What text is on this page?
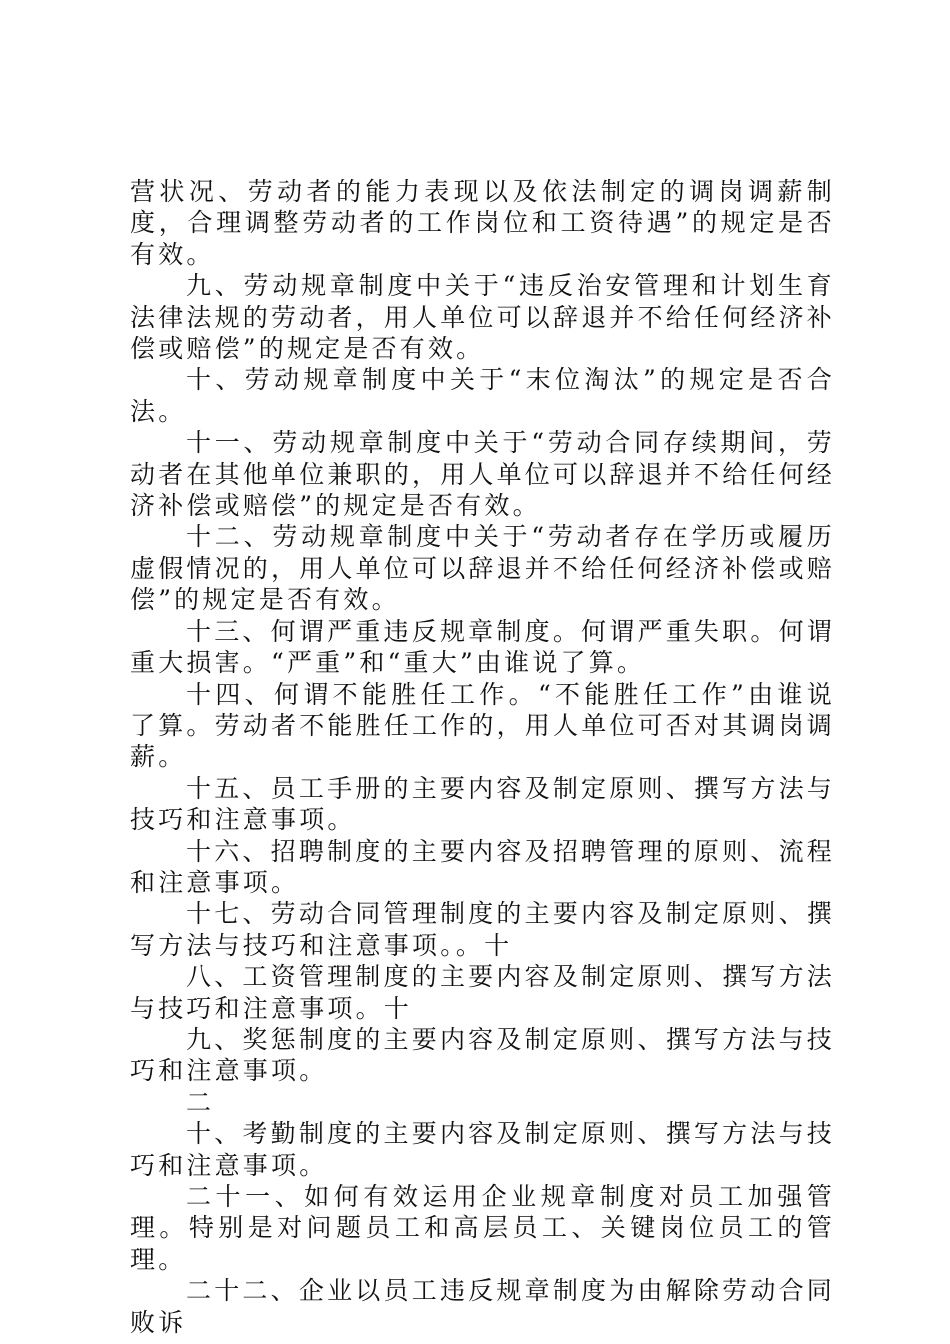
营状况、劳动者的能力表现以及依法制定的调岗调薪制度，合理调整劳动者的工作岗位和工资待遇”的规定是否有效。

九、劳动规章制度中关于“违反治安管理和计划生育法律法规的劳动者，用人单位可以辞退并不给任何经济补偿或赔偿”的规定是否有效。

十、劳动规章制度中关于“末位淘汰”的规定是否合法。

十一、劳动规章制度中关于“劳动合同存续期间，劳动者在其他单位兼职的，用人单位可以辞退并不给任何经济补偿或赔偿”的规定是否有效。

十二、劳动规章制度中关于“劳动者存在学历或履历虚假情况的，用人单位可以辞退并不给任何经济补偿或赔偿”的规定是否有效。

十三、何谓严重违反规章制度。何谓严重失职。何谓重大损害。“严重”和“重大”由谁说了算。

十四、何谓不能胜任工作。“不能胜任工作”由谁说了算。劳动者不能胜任工作的，用人单位可否对其调岗调薪。

十五、员工手册的主要内容及制定原则、撰写方法与技巧和注意事项。

十六、招聘制度的主要内容及招聘管理的原则、流程和注意事项。

十七、劳动合同管理制度的主要内容及制定原则、撰写方法与技巧和注意事项。。十

八、工资管理制度的主要内容及制定原则、撰写方法与技巧和注意事项。十

九、奖惩制度的主要内容及制定原则、撰写方法与技巧和注意事项。

二

十、考勤制度的主要内容及制定原则、撰写方法与技巧和注意事项。

二十一、如何有效运用企业规章制度对员工加强管理。特别是对问题员工和高层员工、关键岗位员工的管理。

二十二、企业以员工违反规章制度为由解除劳动合同败诉
